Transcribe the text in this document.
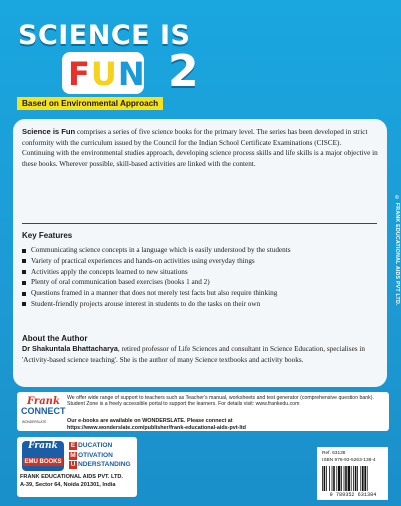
SCIENCE IS
FUN 2
Based on Environmental Approach

Science is Fun comprises a series of five science books for the primary level. The series has been developed in strict conformity with the curriculum issued by the Council for the Indian School Certificate Examinations (CISCE).

Continuing with the environmental studies approach, developing science process skills and life skills is a major objective in these books. Wherever possible, skill-based activities are linked with the content.

Key Features
Communicating science concepts in a language which is easily understood by the students
Variety of practical experiences and hands-on activities using everyday things
Activities apply the concepts learned to new situations
Plenty of oral communication based exercises (books 1 and 2)
Questions framed in a manner that does not merely test facts but also require thinking
Student-friendly projects arouse interest in students to do the tasks on their own
About the Author
Dr Shakuntala Bhattacharya, retired professor of Life Sciences and consultant in Science Education, specialises in 'Activity-based science teaching'. She is the author of many Science textbooks and activity books.
© FRANK EDUCATIONAL AIDS PVT LTD.
Frank
CONNECT
WONDERSLATE
We offer wide range of support to teachers such as Teacher's manual, worksheets and test generator (comprehensive question bank). Student Zone is a freely accessible portal to support the learners. For details visit: www.frankedu.com
Our e-books are available on WONDERSLATE. Please connect at
https://www.wonderslate.com/publisher/frank-educational-aids-pvt-ltd
Frank
EMU BOOKS
E DUCATION
M OTIVATION
U NDERSTANDING
FRANK EDUCATIONAL AIDS PVT. LTD.
A-39, Sector 64, Noida 201301, India
Ref. 63138
ISBN 978-93-5263-138-4
9 789352 631384
